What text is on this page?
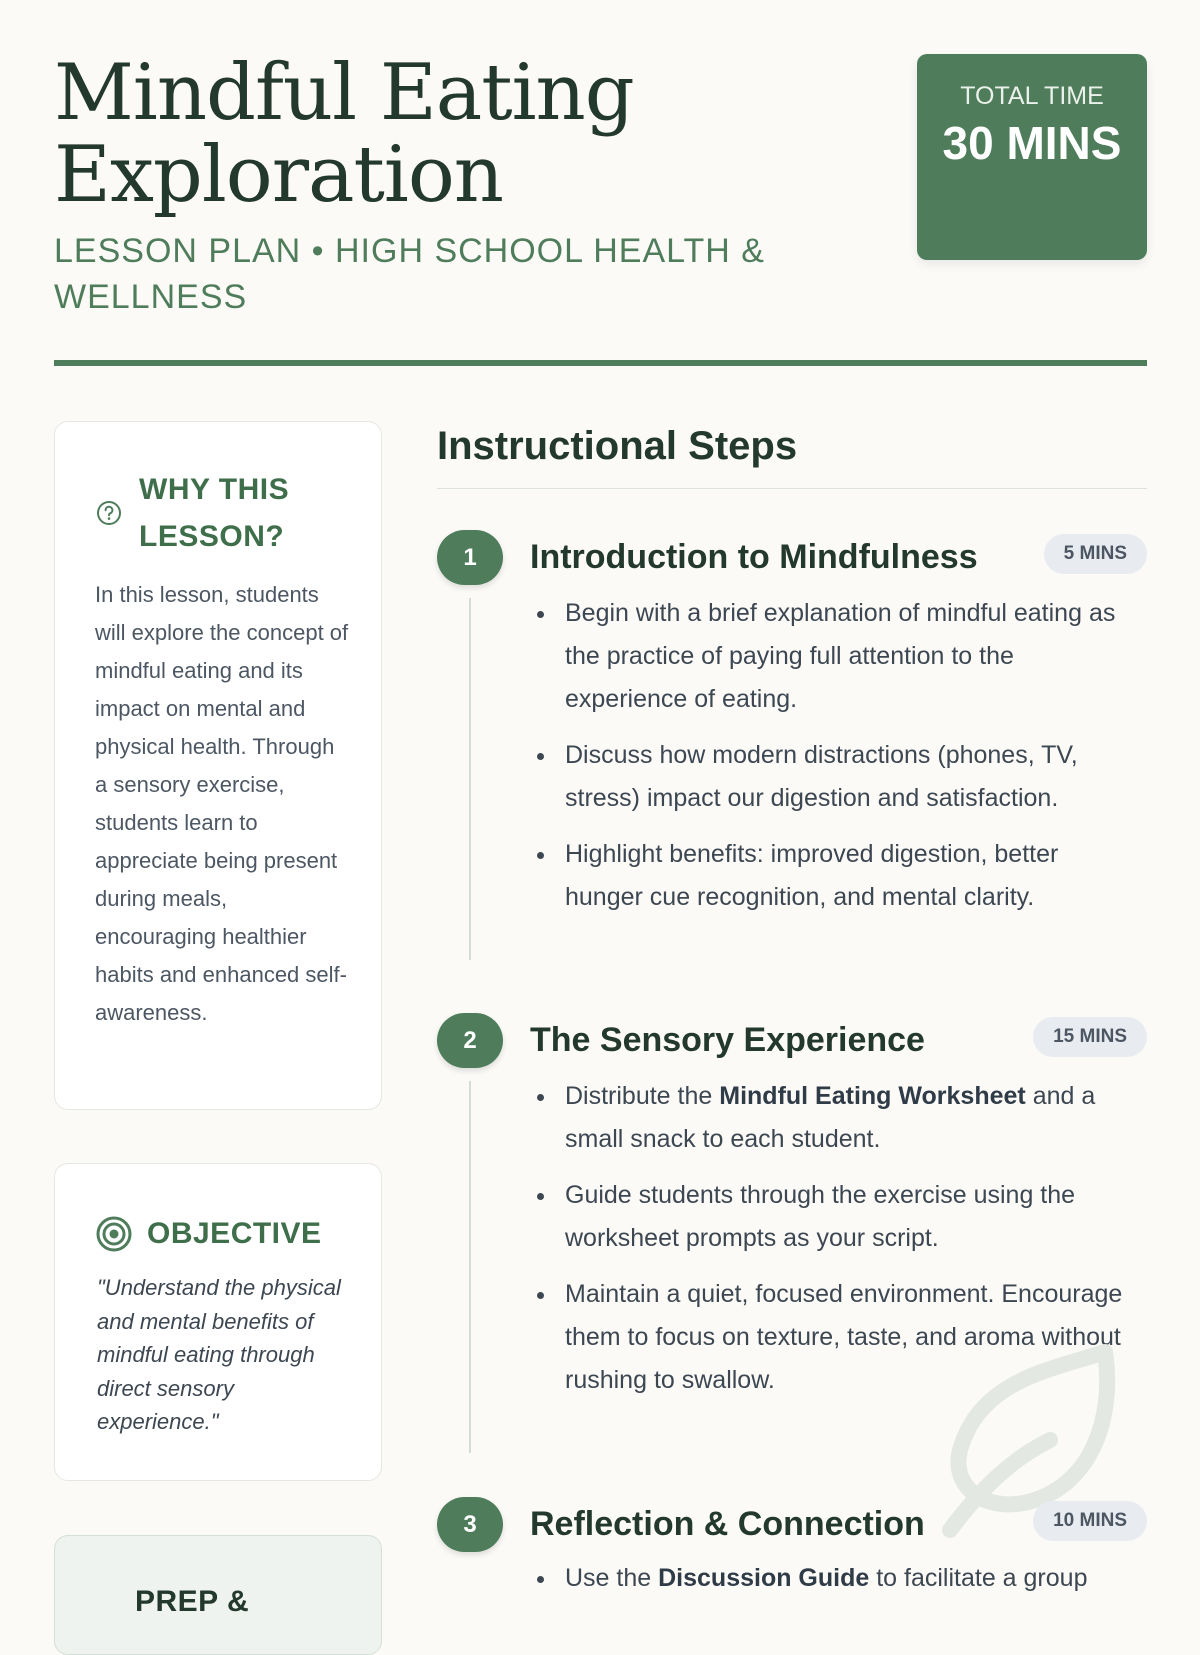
Mindful Eating Exploration
LESSON PLAN • HIGH SCHOOL HEALTH & WELLNESS
TOTAL TIME
30 MINS
WHY THIS LESSON?

In this lesson, students will explore the concept of mindful eating and its impact on mental and physical health. Through a sensory exercise, students learn to appreciate being present during meals, encouraging healthier habits and enhanced self-awareness.

OBJECTIVE

"Understand the physical and mental benefits of mindful eating through direct sensory experience."

PREP &
Instructional Steps
1	Introduction to Mindfulness	5 MINS
Begin with a brief explanation of mindful eating as the practice of paying full attention to the experience of eating.
Discuss how modern distractions (phones, TV, stress) impact our digestion and satisfaction.
Highlight benefits: improved digestion, better hunger cue recognition, and mental clarity.
2	The Sensory Experience	15 MINS
Distribute the Mindful Eating Worksheet and a small snack to each student.
Guide students through the exercise using the worksheet prompts as your script.
Maintain a quiet, focused environment. Encourage them to focus on texture, taste, and aroma without rushing to swallow.
3	Reflection & Connection	10 MINS
Use the Discussion Guide to facilitate a group
